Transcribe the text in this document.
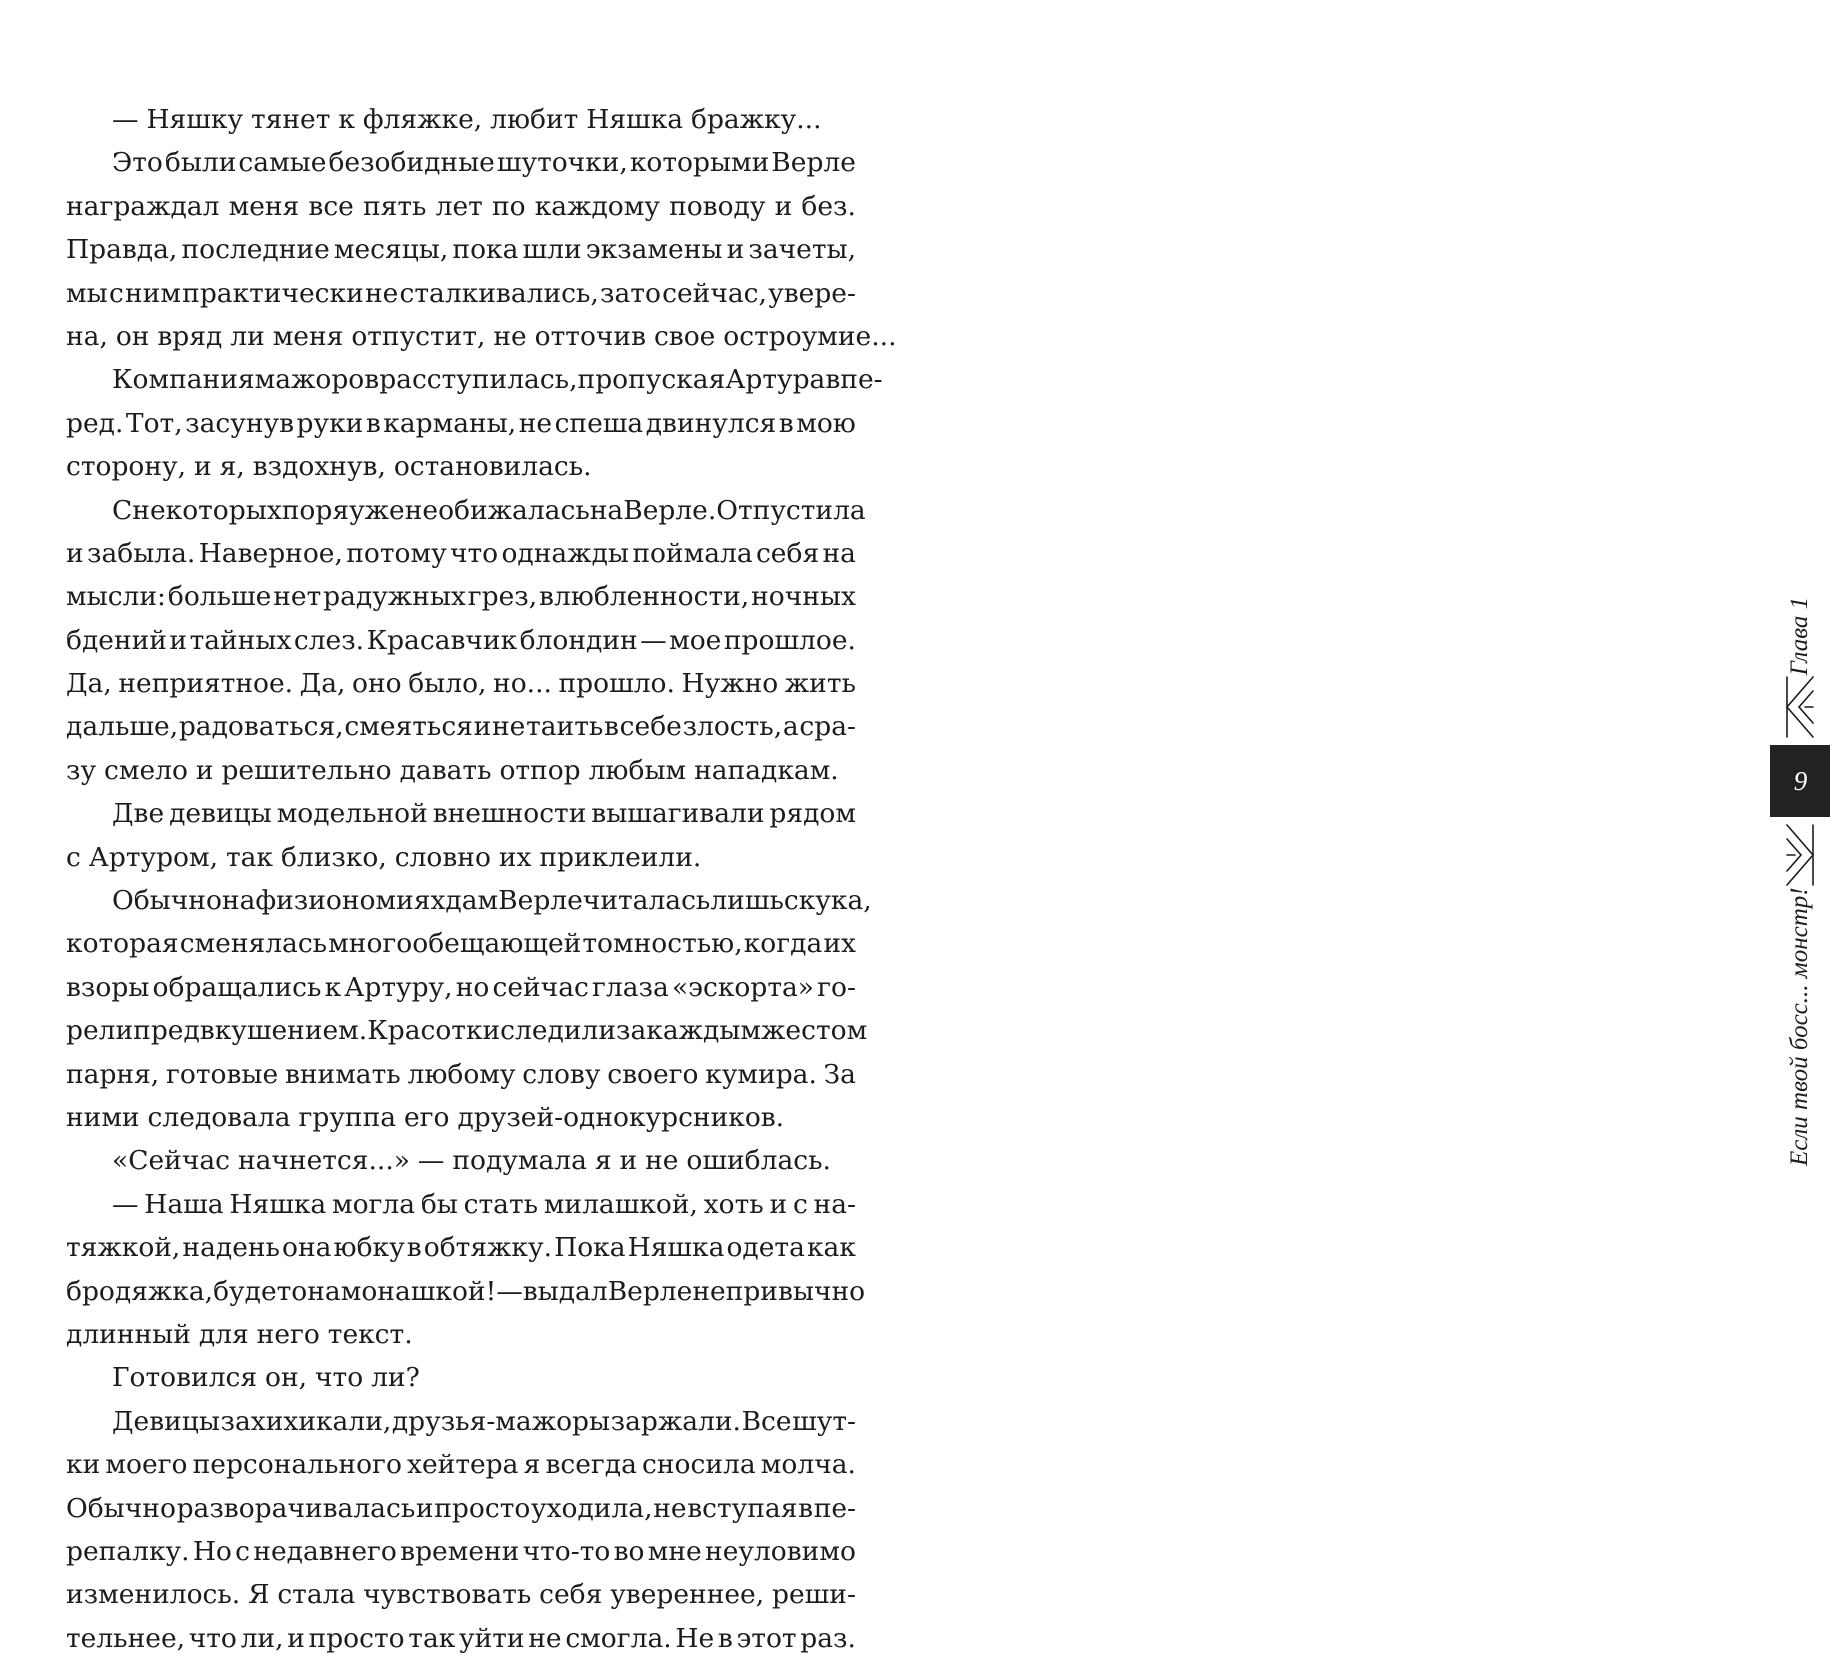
— Няшку тянет к фляжке, любит Няшка бражку...
Это были самые безобидные шуточки, которыми Верле
награждал меня все пять лет по каждому поводу и без.
Правда, последние месяцы, пока шли экзамены и зачеты,
мы с ним практически не сталкивались, зато сейчас, увере-
на, он вряд ли меня отпустит, не отточив свое остроумие...
Компания мажоров расступилась, пропуская Артура впе-
ред. Тот, засунув руки в карманы, не спеша двинулся в мою
сторону, и я, вздохнув, остановилась.
С некоторых пор я уже не обижалась на Верле. Отпустила
и забыла. Наверное, потому что однажды поймала себя на
мысли: больше нет радужных грез, влюбленности, ночных
бдений и тайных слез. Красавчик блондин — мое прошлое.
Да, неприятное. Да, оно было, но... прошло. Нужно жить
дальше, радоваться, смеяться и не таить в себе злость, а сра-
зу смело и решительно давать отпор любым нападкам.
Две девицы модельной внешности вышагивали рядом
с Артуром, так близко, словно их приклеили.
Обычно на физиономиях дам Верле читалась лишь скука,
которая сменялась многообещающей томностью, когда их
взоры обращались к Артуру, но сейчас глаза «эскорта» го-
рели предвкушением. Красотки следили за каждым жестом
парня, готовые внимать любому слову своего кумира. За
ними следовала группа его друзей-однокурсников.
«Сейчас начнется...» — подумала я и не ошиблась.
— Наша Няшка могла бы стать милашкой, хоть и с на-
тяжкой, надень она юбку в обтяжку. Пока Няшка одета как
бродяжка, будет она монашкой! — выдал Верле непривычно
длинный для него текст.
Готовился он, что ли?
Девицы захихикали, друзья-мажоры заржали. Все шут-
ки моего персонального хейтера я всегда сносила молча.
Обычно разворачивалась и просто уходила, не вступая в пе-
репалку. Но с недавнего времени что-то во мне неуловимо
изменилось. Я стала чувствовать себя увереннее, реши-
тельнее, что ли, и просто так уйти не смогла. Не в этот раз.
Если твой босс... монстр!
9
Глава 1
